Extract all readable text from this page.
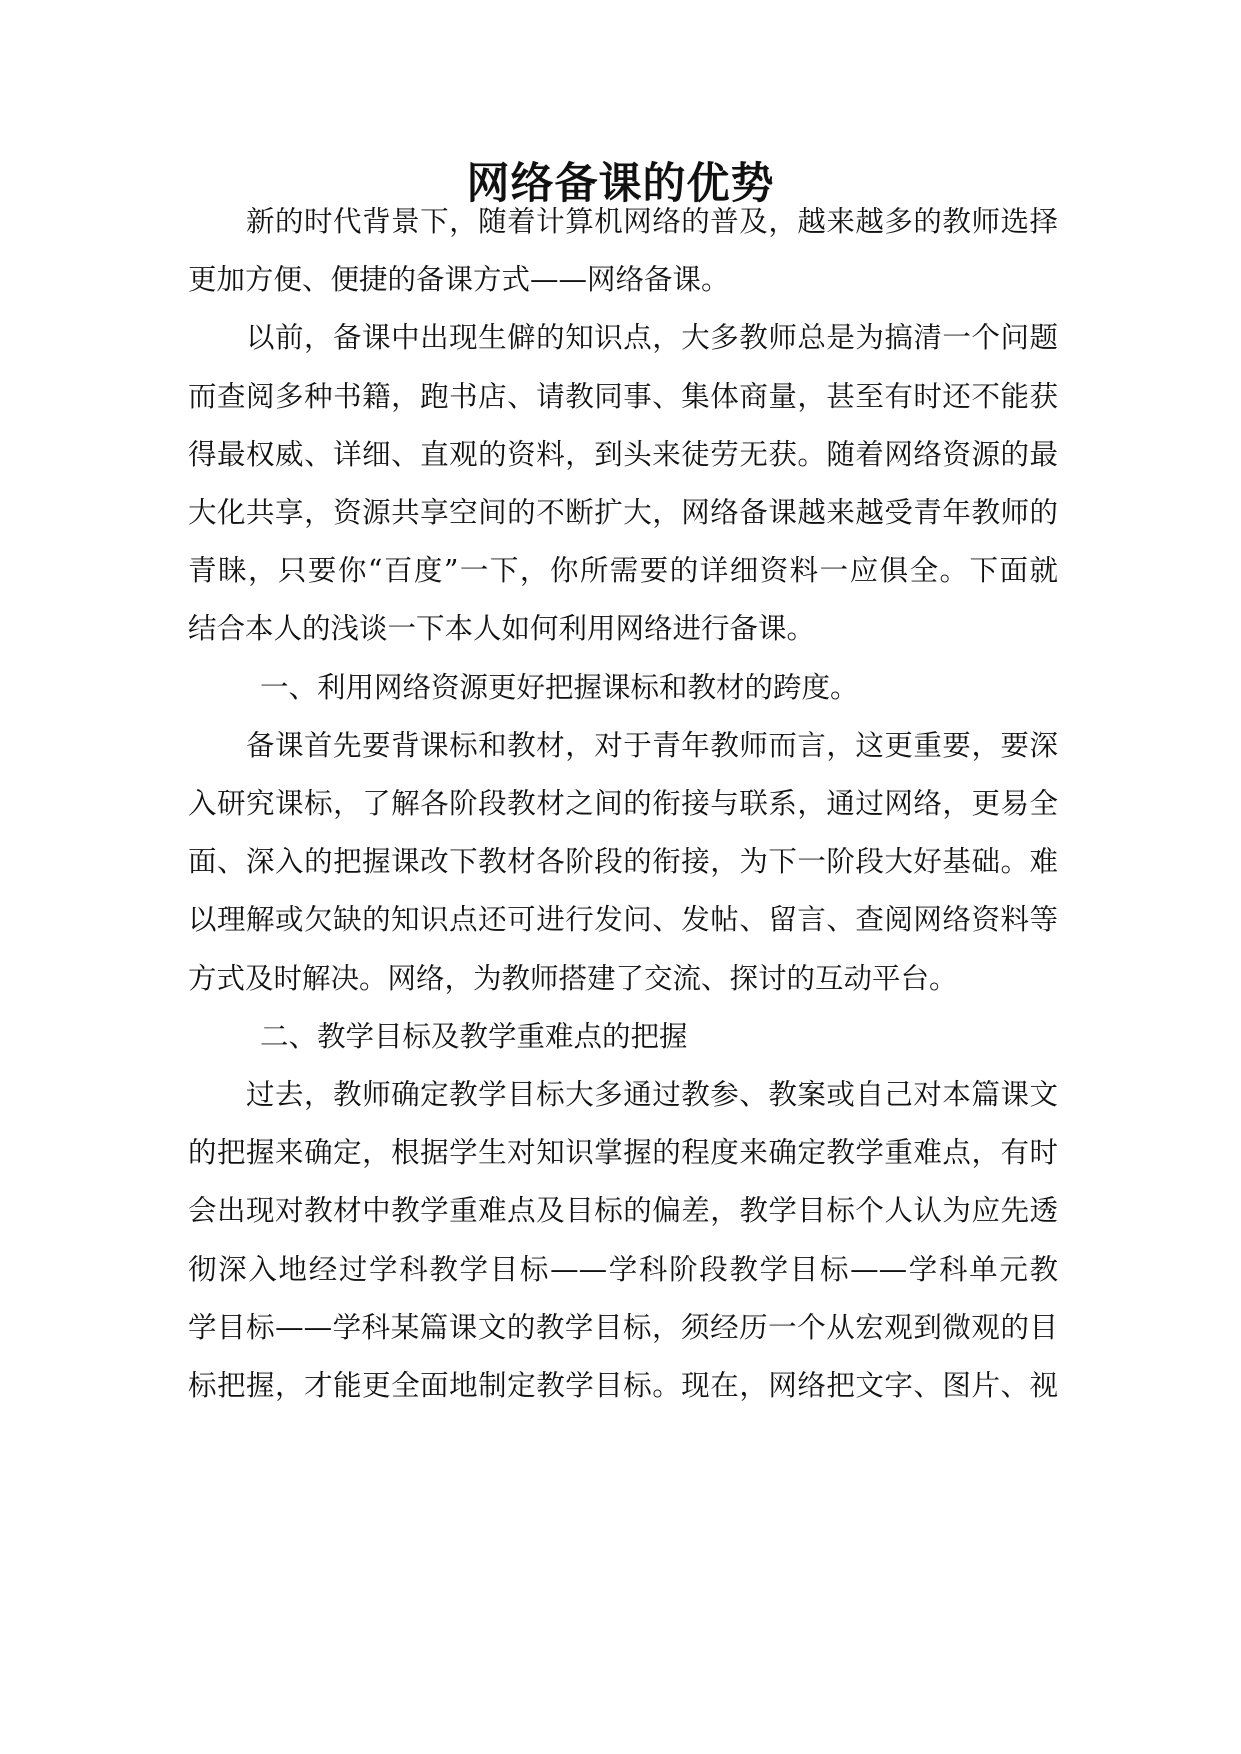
网络备课的优势

新的时代背景下，随着计算机网络的普及，越来越多的教师选择

更加方便、便捷的备课方式——网络备课。

以前，备课中出现生僻的知识点，大多教师总是为搞清一个问题

而查阅多种书籍，跑书店、请教同事、集体商量，甚至有时还不能获

得最权威、详细、直观的资料，到头来徒劳无获。随着网络资源的最

大化共享，资源共享空间的不断扩大，网络备课越来越受青年教师的

青睐，只要你“百度”一下，你所需要的详细资料一应俱全。下面就

结合本人的浅谈一下本人如何利用网络进行备课。

一、利用网络资源更好把握课标和教材的跨度。

备课首先要背课标和教材，对于青年教师而言，这更重要，要深

入研究课标，了解各阶段教材之间的衔接与联系，通过网络，更易全

面、深入的把握课改下教材各阶段的衔接，为下一阶段大好基础。难

以理解或欠缺的知识点还可进行发问、发帖、留言、查阅网络资料等

方式及时解决。网络，为教师搭建了交流、探讨的互动平台。

二、教学目标及教学重难点的把握

过去，教师确定教学目标大多通过教参、教案或自己对本篇课文

的把握来确定，根据学生对知识掌握的程度来确定教学重难点，有时

会出现对教材中教学重难点及目标的偏差，教学目标个人认为应先透

彻深入地经过学科教学目标——学科阶段教学目标——学科单元教

学目标——学科某篇课文的教学目标，须经历一个从宏观到微观的目

标把握，才能更全面地制定教学目标。现在，网络把文字、图片、视
